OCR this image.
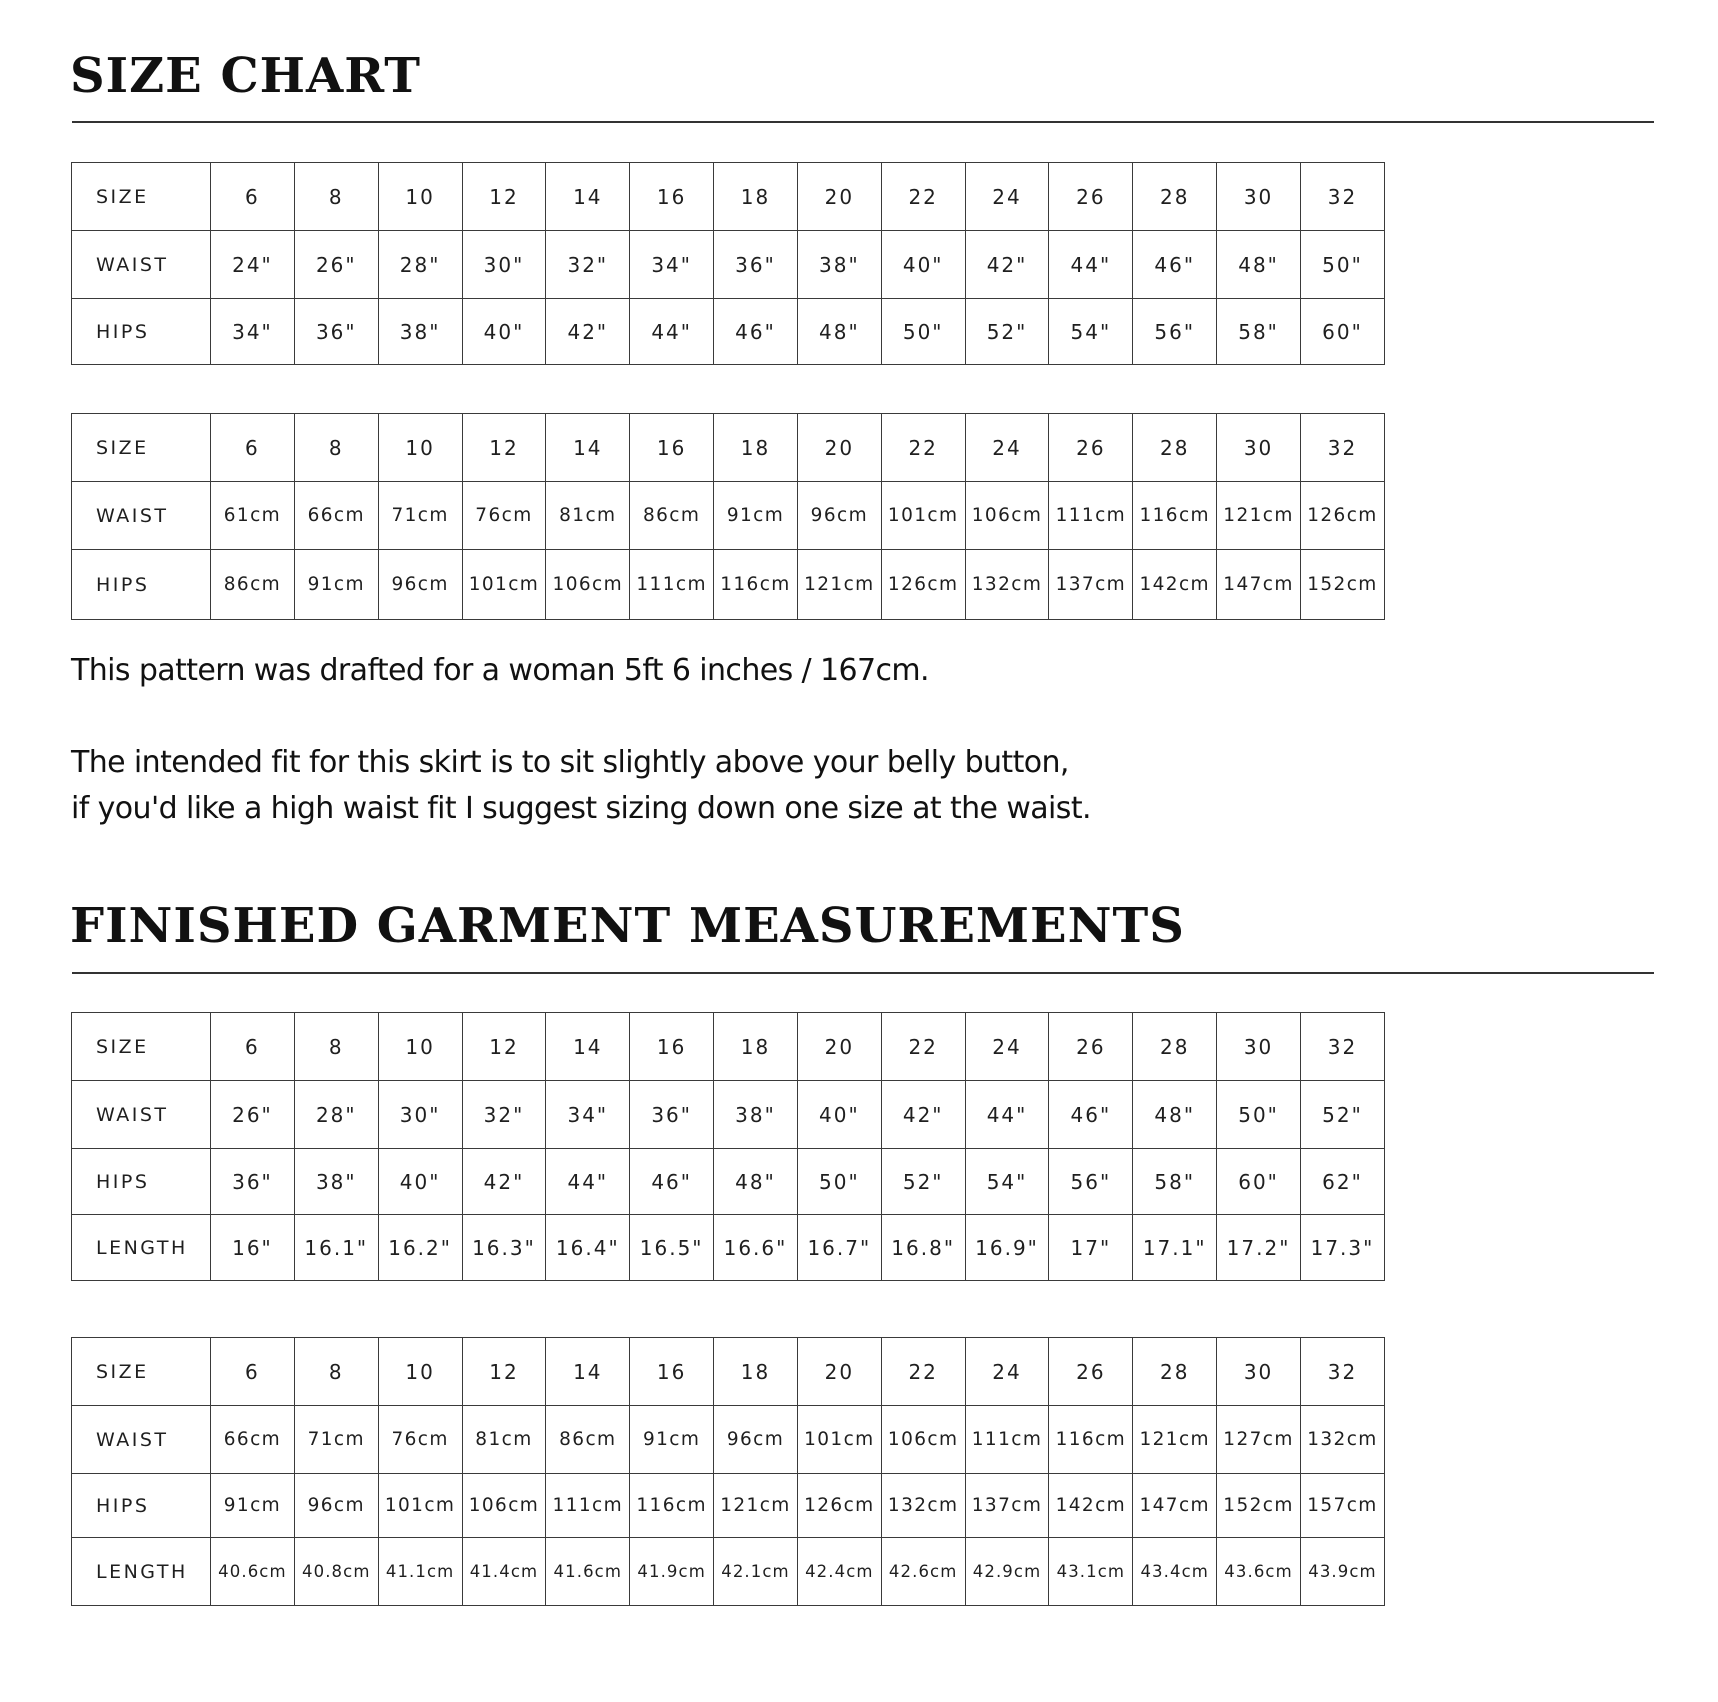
SIZE CHART
SIZE	6	8	10	12	14	16	18	20	22	24	26	28	30	32
WAIST	24"	26"	28"	30"	32"	34"	36"	38"	40"	42"	44"	46"	48"	50"
HIPS	34"	36"	38"	40"	42"	44"	46"	48"	50"	52"	54"	56"	58"	60"
SIZE	6	8	10	12	14	16	18	20	22	24	26	28	30	32
WAIST	61cm	66cm	71cm	76cm	81cm	86cm	91cm	96cm	101cm	106cm	111cm	116cm	121cm	126cm
HIPS	86cm	91cm	96cm	101cm	106cm	111cm	116cm	121cm	126cm	132cm	137cm	142cm	147cm	152cm

This pattern was drafted for a woman 5ft 6 inches / 167cm.

The intended fit for this skirt is to sit slightly above your belly button,

if you'd like a high waist fit I suggest sizing down one size at the waist.

FINISHED GARMENT MEASUREMENTS
SIZE	6	8	10	12	14	16	18	20	22	24	26	28	30	32
WAIST	26"	28"	30"	32"	34"	36"	38"	40"	42"	44"	46"	48"	50"	52"
HIPS	36"	38"	40"	42"	44"	46"	48"	50"	52"	54"	56"	58"	60"	62"
LENGTH	16"	16.1"	16.2"	16.3"	16.4"	16.5"	16.6"	16.7"	16.8"	16.9"	17"	17.1"	17.2"	17.3"
SIZE	6	8	10	12	14	16	18	20	22	24	26	28	30	32
WAIST	66cm	71cm	76cm	81cm	86cm	91cm	96cm	101cm	106cm	111cm	116cm	121cm	127cm	132cm
HIPS	91cm	96cm	101cm	106cm	111cm	116cm	121cm	126cm	132cm	137cm	142cm	147cm	152cm	157cm
LENGTH	40.6cm	40.8cm	41.1cm	41.4cm	41.6cm	41.9cm	42.1cm	42.4cm	42.6cm	42.9cm	43.1cm	43.4cm	43.6cm	43.9cm
